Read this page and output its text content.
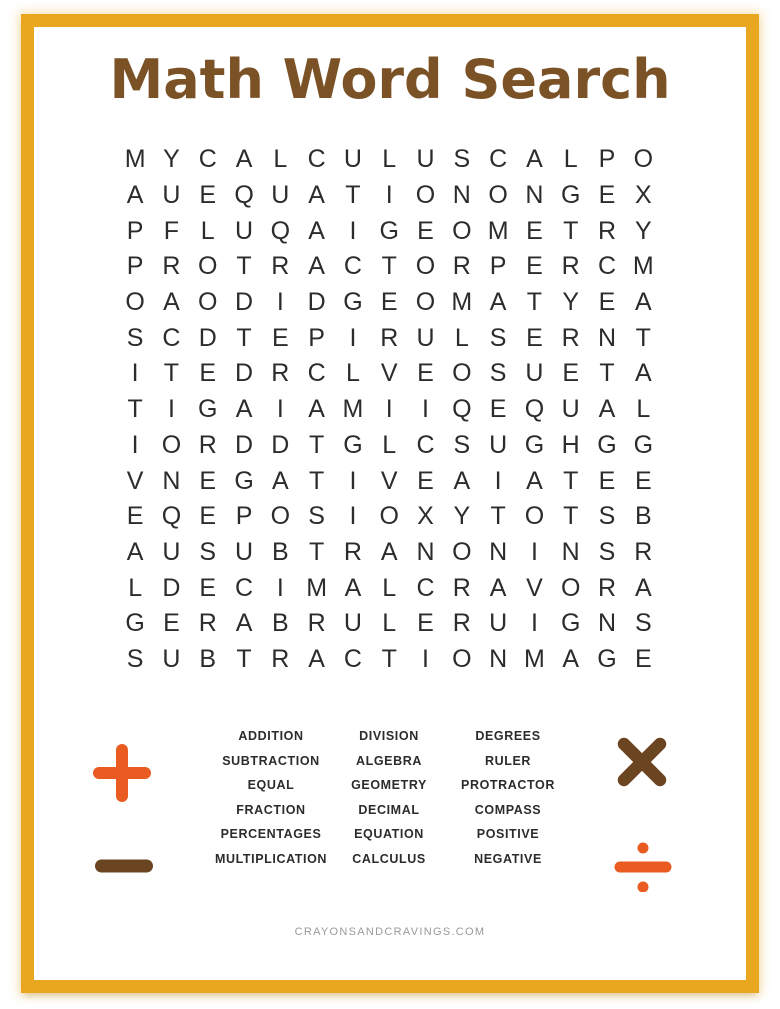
Math Word Search
M Y C A L C U L U S C A L P O
A U E Q U A T	I O N O N G E X
P F L U Q A I G E O M E T R Y
P R O T R A C T O R P E R C M
O A O D I D G E O M A T Y E A
S C D T E P I R U L S E R N T
I	T E D R C L V E O S U E T A
T	I G A I A M I	I Q E Q U A L
I O R D D T G L C S U G H G G
V N E G A T	I V E A I A T E E
E Q E P O S I O X Y T O T S B
A U S U B T R A N O N I N S R
L D E C I M A L C R A V O R A
G E R A B R U L E R U I G N S
S U B T R A C T	I O N M A G E
ADDITION
SUBTRACTION
EQUAL
FRACTION
PERCENTAGES
MULTIPLICATION
DIVISION
ALGEBRA
GEOMETRY
DECIMAL
EQUATION
CALCULUS
DEGREES
RULER
PROTRACTOR
COMPASS
POSITIVE
NEGATIVE
CRAYONSANDCRAVINGS.COM
